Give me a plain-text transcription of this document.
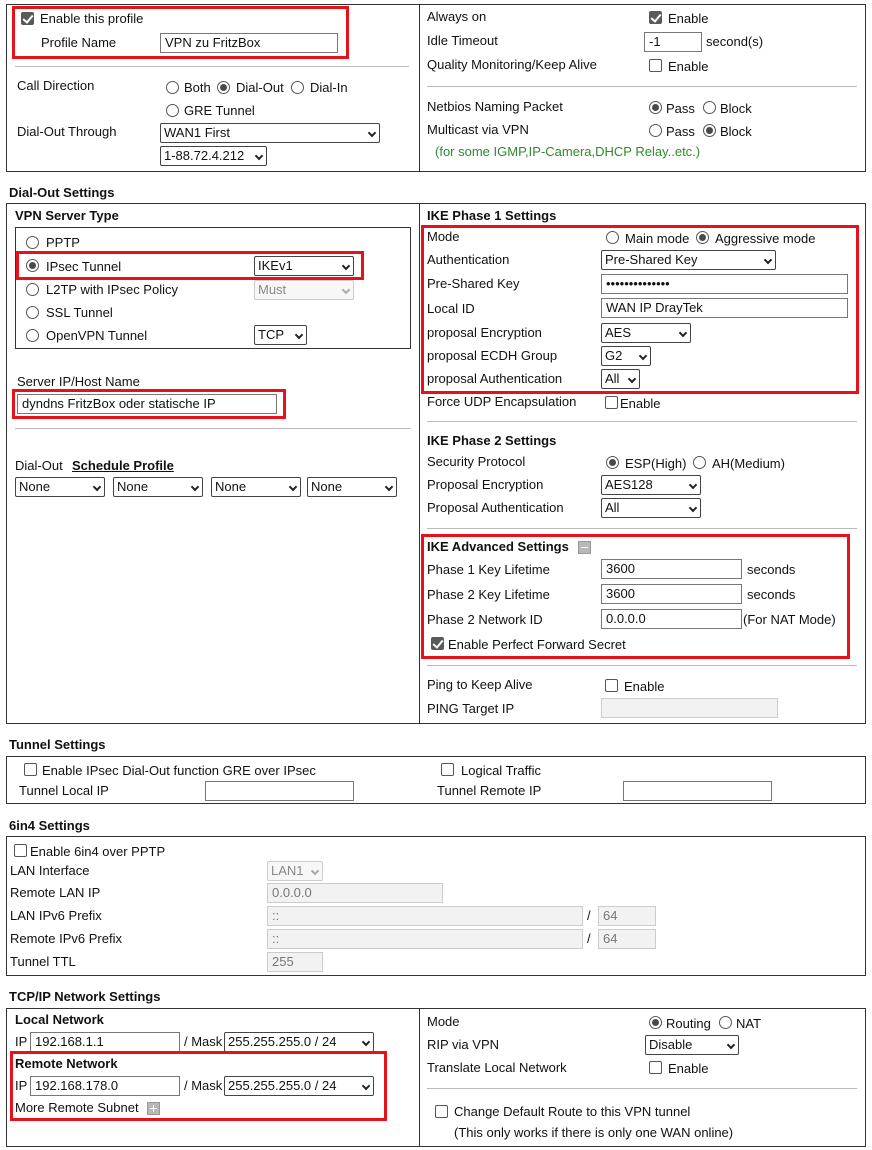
Enable this profile
Profile Name	VPN zu FritzBox
Call Direction	Both Dial-Out Dial-In
GRE Tunnel
Dial-Out Through	WAN1 First
1-88.72.4.212
Always on	Enable
Idle Timeout	-1	second(s)
Quality Monitoring/Keep Alive	Enable
Netbios Naming Packet	Pass Block
Multicast via VPN	Pass Block
(for some IGMP,IP-Camera,DHCP Relay..etc.)
Dial-Out Settings
VPN Server Type
PPTP
IPsec Tunnel	IKEv1
L2TP with IPsec Policy	Must
SSL Tunnel
OpenVPN Tunnel	TCP
Server IP/Host Name
dyndns FritzBox oder statische IP
Dial-Out Schedule Profile
None	None	None	None
IKE Phase 1 Settings
Mode	Main mode Aggressive mode
Authentication	Pre-Shared Key
Pre-Shared Key	••••••••••••••
Local ID	WAN IP DrayTek
proposal Encryption	AES
proposal ECDH Group	G2
proposal Authentication	All
Force UDP Encapsulation	Enable
IKE Phase 2 Settings
Security Protocol	ESP(High) AH(Medium)
Proposal Encryption	AES128
Proposal Authentication	All
IKE Advanced Settings
Phase 1 Key Lifetime	3600	seconds
Phase 2 Key Lifetime	3600	seconds
Phase 2 Network ID	0.0.0.0	(For NAT Mode)
Enable Perfect Forward Secret
Ping to Keep Alive	Enable
PING Target IP
Tunnel Settings
Enable IPsec Dial-Out function GRE over IPsec	Logical Traffic
Tunnel Local IP	Tunnel Remote IP
6in4 Settings
Enable 6in4 over PPTP
LAN Interface	LAN1
Remote LAN IP	0.0.0.0
LAN IPv6 Prefix	::	/ 64
Remote IPv6 Prefix	::	/ 64
Tunnel TTL	255
TCP/IP Network Settings
Local Network
IP 192.168.1.1	/ Mask 255.255.255.0 / 24
Remote Network
IP 192.168.178.0	/ Mask 255.255.255.0 / 24
More Remote Subnet
Mode	Routing NAT
RIP via VPN	Disable
Translate Local Network	Enable
Change Default Route to this VPN tunnel
(This only works if there is only one WAN online)
